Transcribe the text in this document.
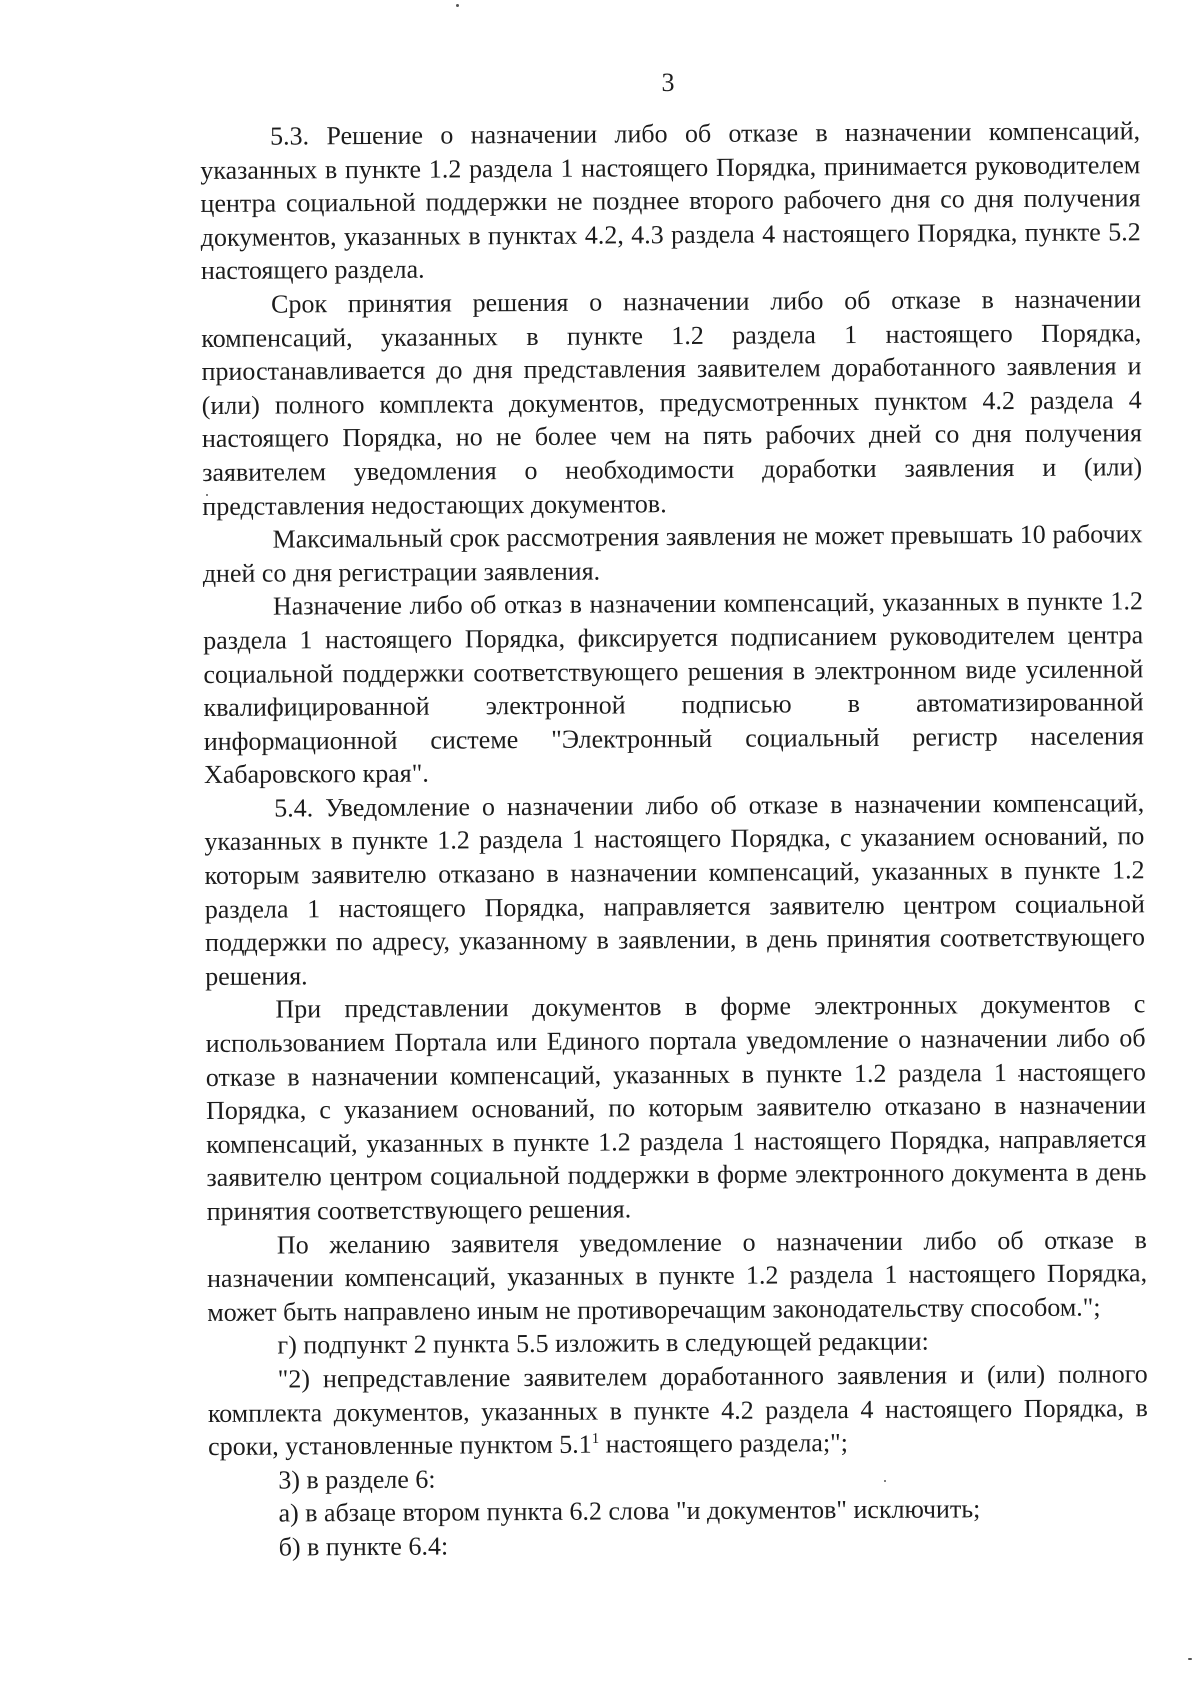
3

5.3. Решение о назначении либо об отказе в назначении компенсаций, указанных в пункте 1.2 раздела 1 настоящего Порядка, принимается руководителем центра социальной поддержки не позднее второго рабочего дня со дня получения документов, указанных в пунктах 4.2, 4.3 раздела 4 настоящего Порядка, пункте 5.2 настоящего раздела.

Срок принятия решения о назначении либо об отказе в назначении компенсаций, указанных в пункте 1.2 раздела 1 настоящего Порядка, приостанавливается до дня представления заявителем доработанного заявления и (или) полного комплекта документов, предусмотренных пунктом 4.2 раздела 4 настоящего Порядка, но не более чем на пять рабочих дней со дня получения заявителем уведомления о необходимости доработки заявления и (или) представления недостающих документов.

Максимальный срок рассмотрения заявления не может превышать 10 рабочих дней со дня регистрации заявления.

Назначение либо об отказ в назначении компенсаций, указанных в пункте 1.2 раздела 1 настоящего Порядка, фиксируется подписанием руководителем центра социальной поддержки соответствующего решения в электронном виде усиленной квалифицированной электронной подписью в автоматизированной информационной системе "Электронный социальный регистр населения Хабаровского края".

5.4. Уведомление о назначении либо об отказе в назначении компенсаций, указанных в пункте 1.2 раздела 1 настоящего Порядка, с указанием оснований, по которым заявителю отказано в назначении компенсаций, указанных в пункте 1.2 раздела 1 настоящего Порядка, направляется заявителю центром социальной поддержки по адресу, указанному в заявлении, в день принятия соответствующего решения.

При представлении документов в форме электронных документов с использованием Портала или Единого портала уведомление о назначении либо об отказе в назначении компенсаций, указанных в пункте 1.2 раздела 1 настоящего Порядка, с указанием оснований, по которым заявителю отказано в назначении компенсаций, указанных в пункте 1.2 раздела 1 настоящего Порядка, направляется заявителю центром социальной поддержки в форме электронного документа в день принятия соответствующего решения.

По желанию заявителя уведомление о назначении либо об отказе в назначении компенсаций, указанных в пункте 1.2 раздела 1 настоящего Порядка, может быть направлено иным не противоречащим законодательству способом.";

г) подпункт 2 пункта 5.5 изложить в следующей редакции:

"2) непредставление заявителем доработанного заявления и (или) полного комплекта документов, указанных в пункте 4.2 раздела 4 настоящего Порядка, в сроки, установленные пунктом $5.1^1$ настоящего раздела;";

3) в разделе 6:

а) в абзаце втором пункта 6.2 слова "и документов" исключить;

б) в пункте 6.4:
